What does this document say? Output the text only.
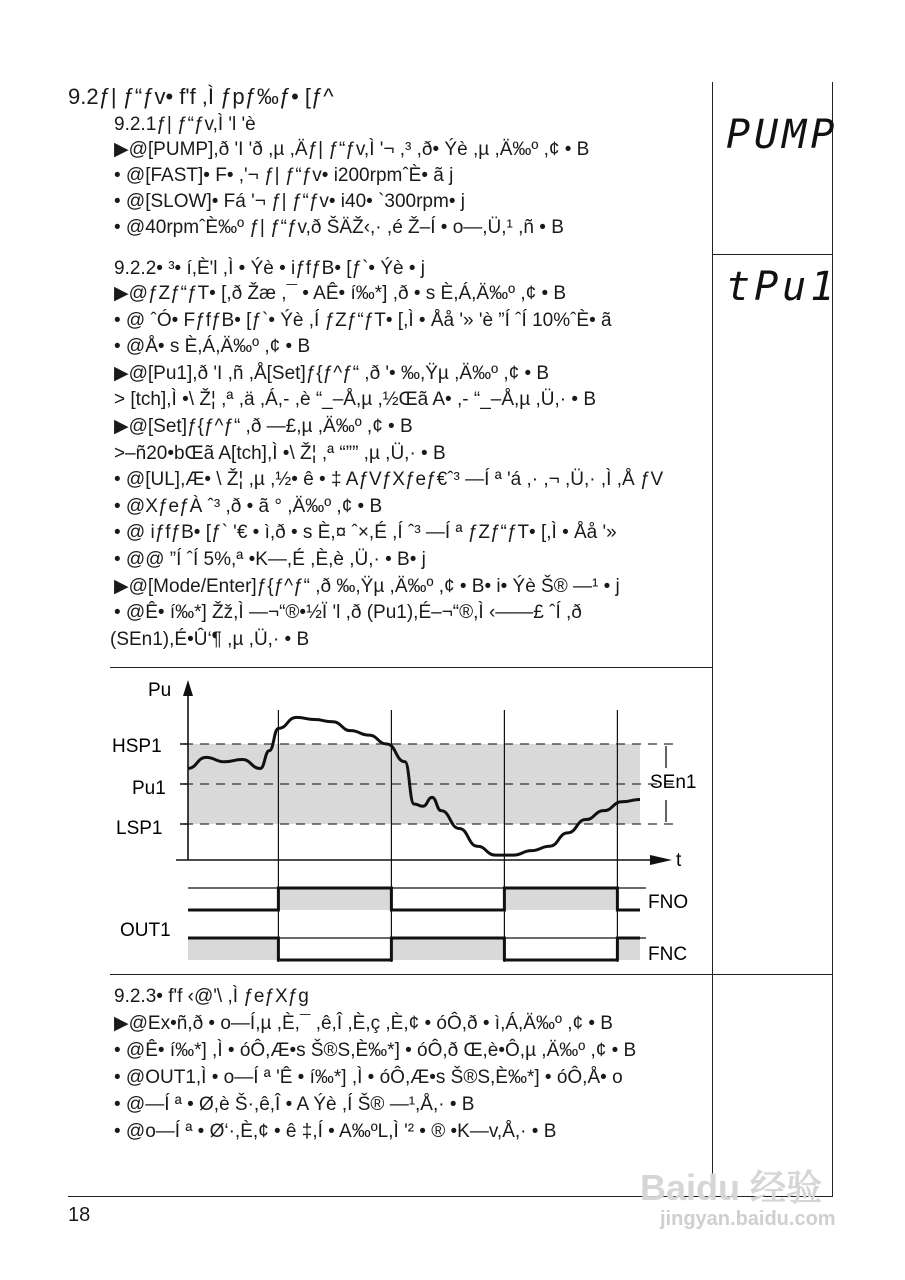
9.2ƒ| ƒ“ƒv• f'f ,Ì ƒpƒ‰ƒ• [ƒ^
9.2.1ƒ| ƒ“ƒv,Ì 'l 'è
▶@[PUMP],ð 'I 'ð ,µ ,Äƒ| ƒ“ƒv,Ì '¬ ,³ ,ð• Ýè ,µ ,Ä‰º ,¢ • B
• @[FAST]• F• ,'¬ ƒ| ƒ“ƒv• i200rpmˆÈ• ã j
• @[SLOW]• Fá '¬ ƒ| ƒ“ƒv• i40• `300rpm• j
• @40rpmˆÈ‰º ƒ| ƒ“ƒv,ð ŠÄŽ‹,· ,é Ž–Í • o—,Ü,¹ ,ñ • B
PUMP
9.2.2• ³• í,È'l ,Ì • Ýè • iƒfƒB• [ƒ`• Ýè • j
▶@ƒZƒ“ƒT• [,ð Žæ ,¯ • AÊ• í‰*] ,ð • s È,Á,Ä‰º ,¢ • B
• @ ˆÓ• FƒfƒB• [ƒ`• Ýè ,Í ƒZƒ“ƒT• [,Ì • Åå '» 'è ”Í ˆÍ 10%ˆÈ• ã
• @Å• s È,Á,Ä‰º ,¢ • B
▶@[Pu1],ð 'I ,ñ ,Å[Set]ƒ{ƒ^ƒ“ ,ð '• ‰,Ÿµ ,Ä‰º ,¢ • B
> [tch],Ì •\ Ž¦ ,ª ,ä ,Á,- ,è “_–Å,µ ,½Œã A• ,- “_–Å,µ ,Ü,· • B
▶@[Set]ƒ{ƒ^ƒ“ ,ð —£,µ ,Ä‰º ,¢ • B
>–ñ20•bŒã A[tch],Ì •\ Ž¦ ,ª “”” ,µ ,Ü,· • B
• @[UL],Æ• \ Ž¦ ,µ ,½• ê • ‡ AƒVƒXƒeƒ€ˆ³ —Í ª 'á ,· ,¬ ,Ü,· ,Ì ,Å ƒV
• @XƒeƒÀ ˆ³ ,ð • ã ° ,Ä‰º ,¢ • B
• @ iƒfƒB• [ƒ` '€ • ì,ð • s È,¤ ˆ×,É ,Í ˆ³ —Í ª ƒZƒ“ƒT• [,Ì • Åå '»
• @@ ”Í ˆÍ 5%,ª •K—,É ,È,è ,Ü,· • B• j
▶@[Mode/Enter]ƒ{ƒ^ƒ“ ,ð ‰,Ÿµ ,Ä‰º ,¢ • B• i• Ýè Š® —¹ • j
• @Ê• í‰*] Žž,Ì —¬“®•½Ï 'l ,ð (Pu1),É–¬“®,Ì ‹——£ ˆÍ ,ð
(SEn1),É•Û‘¶ ,µ ,Ü,· • B
tPu1
Pu
t
HSP1
Pu1
LSP1
SEn1
OUT1
FNO
FNC
9.2.3• f'f ‹@'\ ,Ì ƒeƒXƒg
▶@Ex•ñ,ð • o—Í,µ ,È,¯ ,ê,Î ,È,ç ,È,¢ • óÔ,ð • ì,Á,Ä‰º ,¢ • B
• @Ê• í‰*] ,Ì • óÔ,Æ•s Š®S,È‰*] • óÔ,ð Œ,è•Ô,µ ,Ä‰º ,¢ • B
• @OUT1,Ì • o—Í ª 'Ê • í‰*] ,Ì • óÔ,Æ•s Š®S,È‰*] • óÔ,Å• o
• @—Í ª • Ø,è Š·,ê,Î • A Ýè ,Í Š® —¹,Å,· • B
• @o—Í ª • Ø‘·,È,¢ • ê ‡,Í • A‰ºL,Ì '² • ® •K—v,Å,· • B
18
Baidu 经验
jingyan.baidu.com
